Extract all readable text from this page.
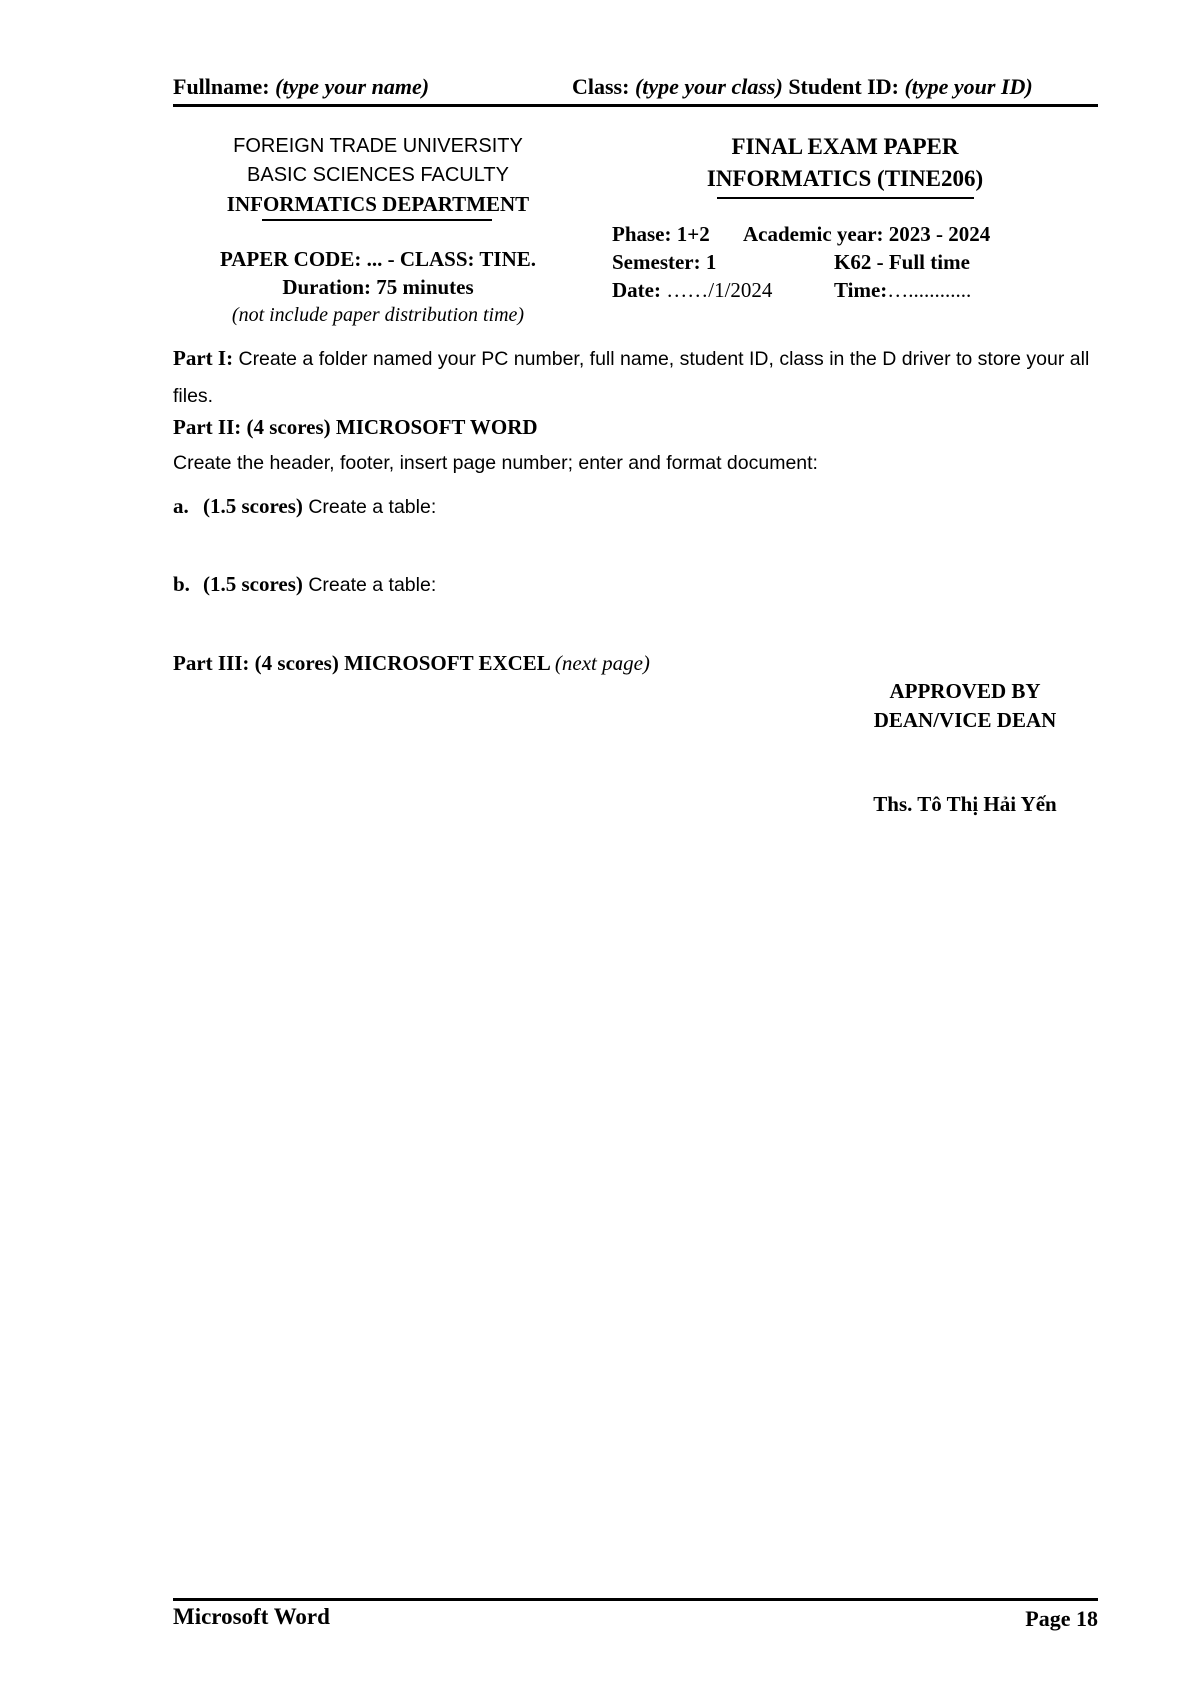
Fullname: (type your name)	Class: (type your class) Student ID: (type your ID)
FOREIGN TRADE UNIVERSITY
BASIC SCIENCES FACULTY
INFORMATICS DEPARTMENT
PAPER CODE: ... - CLASS: TINE.
Duration: 75 minutes
(not include paper distribution time)
FINAL EXAM PAPER
INFORMATICS (TINE206)
Phase: 1+2 Academic year: 2023 - 2024
Semester: 1	K62 - Full time
Date: ……/1/2024	Time:…............
Part I: Create a folder named your PC number, full name, student ID, class in the D driver to store your all files.
Part II: (4 scores) MICROSOFT WORD
Create the header, footer, insert page number; enter and format document:
a. (1.5 scores) Create a table:
b. (1.5 scores) Create a table:
Part III: (4 scores) MICROSOFT EXCEL (next page)
APPROVED BY
DEAN/VICE DEAN
Ths. Tô Thị Hải Yến
Microsoft Word	Page 18
